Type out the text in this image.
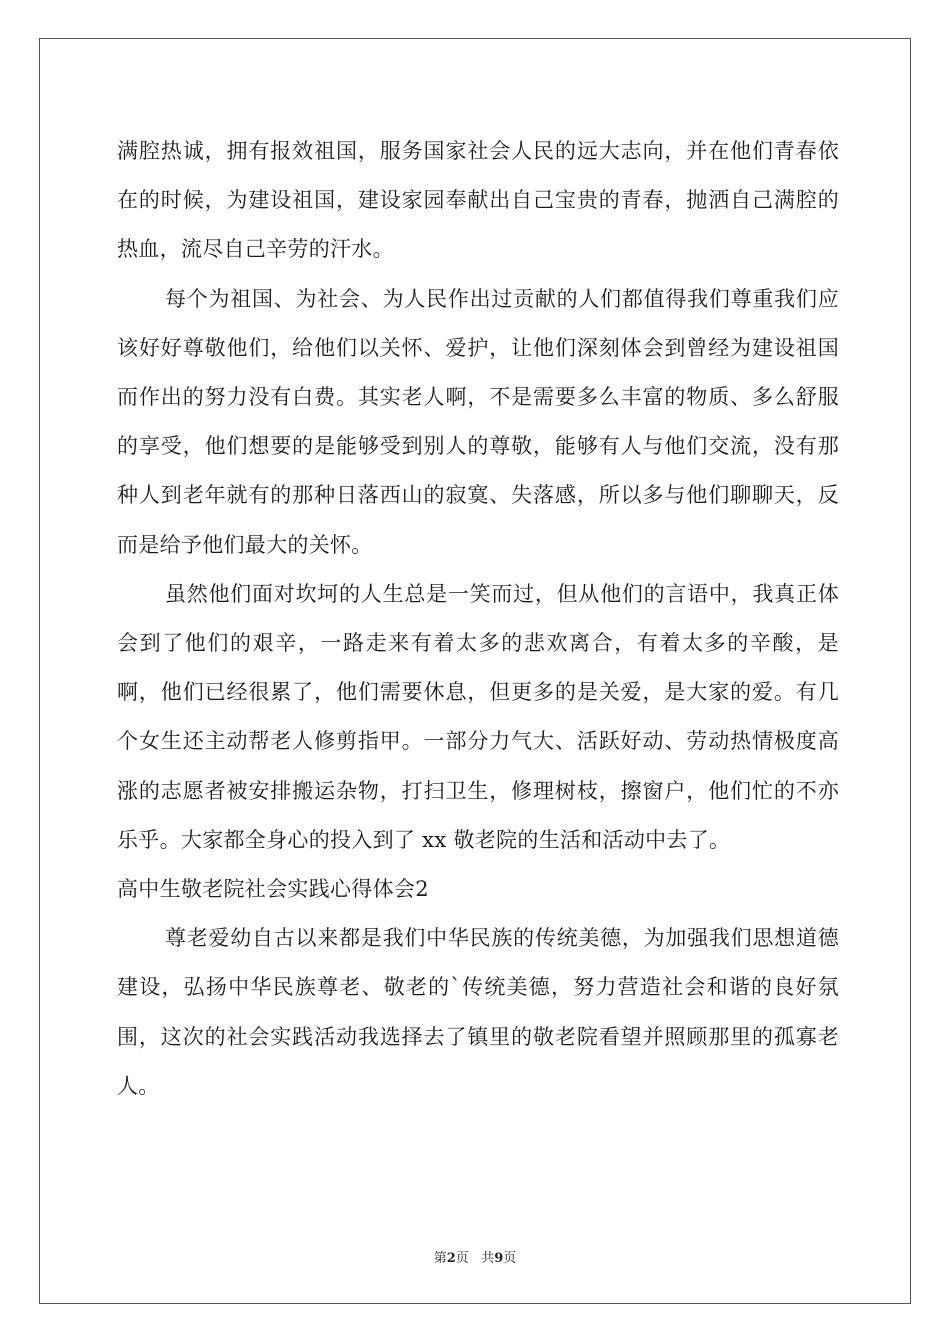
满腔热诚，拥有报效祖国，服务国家社会人民的远大志向，并在他们青春依在的时候，为建设祖国，建设家园奉献出自己宝贵的青春，抛洒自己满腔的热血，流尽自己辛劳的汗水。

每个为祖国、为社会、为人民作出过贡献的人们都值得我们尊重我们应该好好尊敬他们，给他们以关怀、爱护，让他们深刻体会到曾经为建设祖国而作出的努力没有白费。其实老人啊，不是需要多么丰富的物质、多么舒服的享受，他们想要的是能够受到别人的尊敬，能够有人与他们交流，没有那种人到老年就有的那种日落西山的寂寞、失落感，所以多与他们聊聊天，反而是给予他们最大的关怀。

虽然他们面对坎坷的人生总是一笑而过，但从他们的言语中，我真正体会到了他们的艰辛，一路走来有着太多的悲欢离合，有着太多的辛酸，是啊，他们已经很累了，他们需要休息，但更多的是关爱，是大家的爱。有几个女生还主动帮老人修剪指甲。一部分力气大、活跃好动、劳动热情极度高涨的志愿者被安排搬运杂物，打扫卫生，修理树枝，擦窗户，他们忙的不亦乐乎。大家都全身心的投入到了 xx 敬老院的生活和活动中去了。

高中生敬老院社会实践心得体会2

尊老爱幼自古以来都是我们中华民族的传统美德，为加强我们思想道德建设，弘扬中华民族尊老、敬老的`传统美德，努力营造社会和谐的良好氛围，这次的社会实践活动我选择去了镇里的敬老院看望并照顾那里的孤寡老人。

第2页 共9页
